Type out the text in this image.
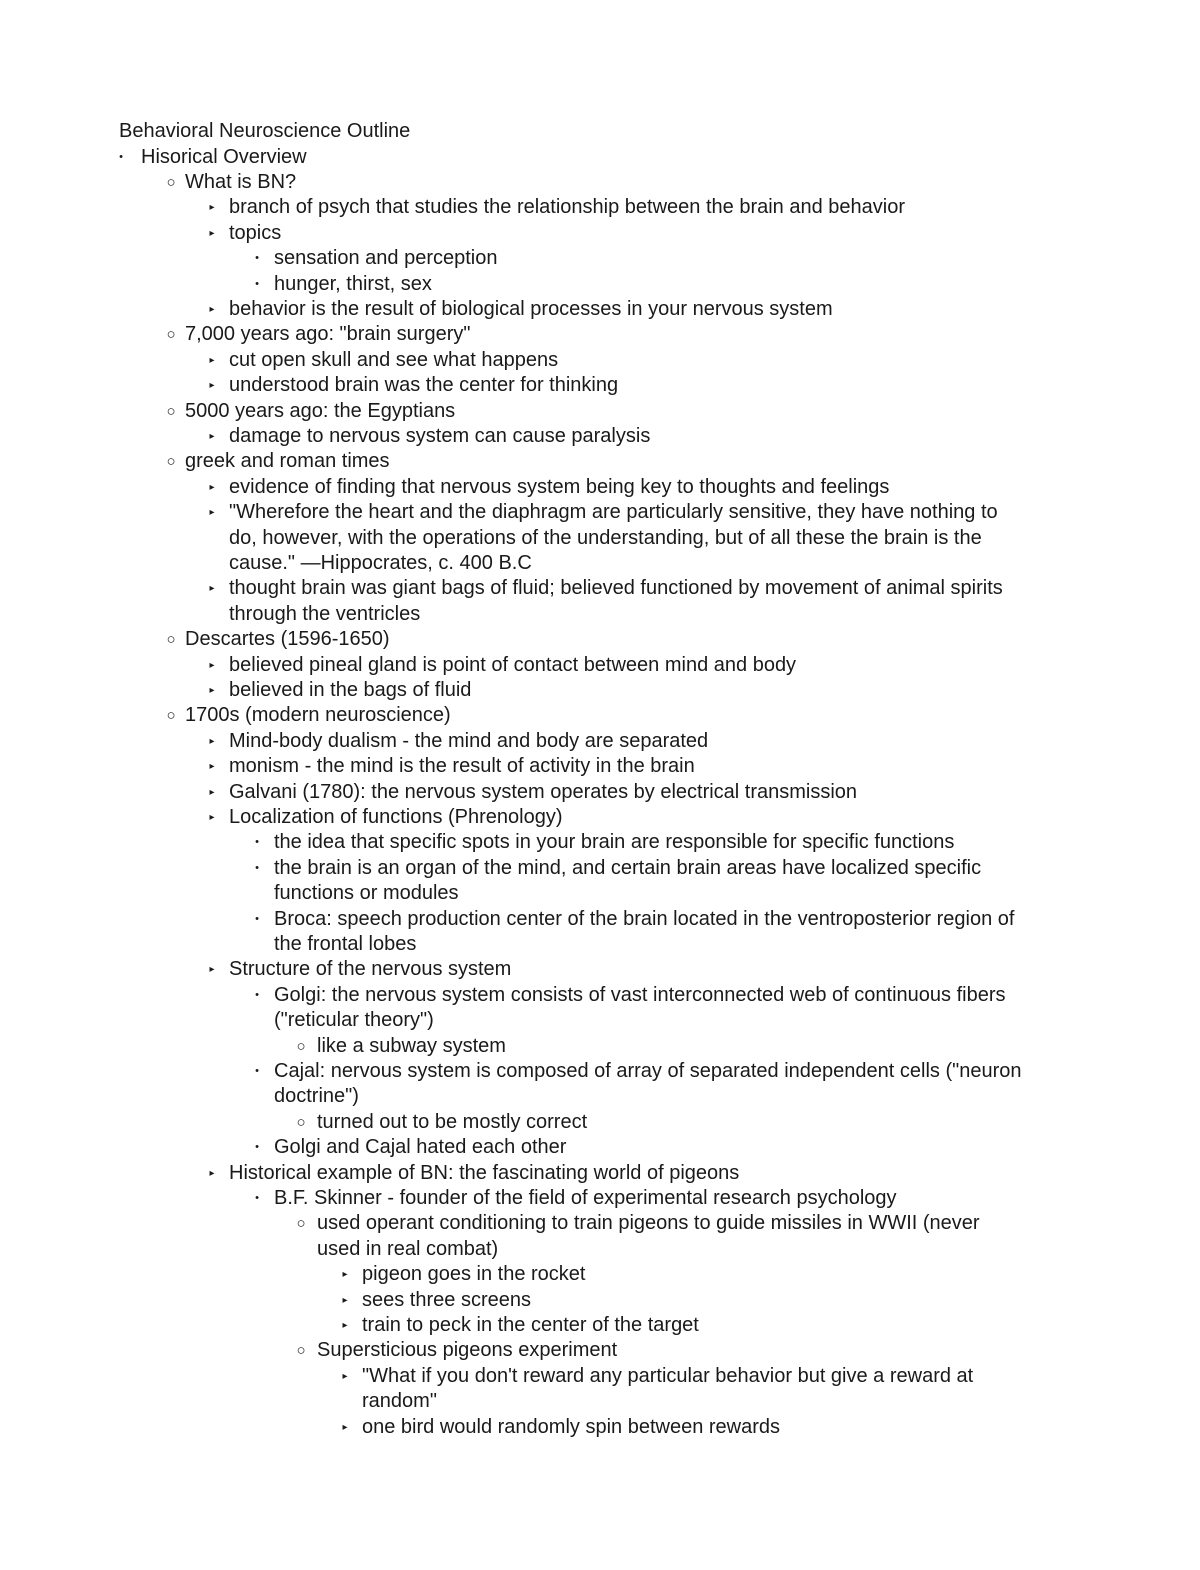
Behavioral Neuroscience Outline
• Hisorical Overview
○ What is BN?
▸ branch of psych that studies the relationship between the brain and behavior
▸ topics
• sensation and perception
• hunger, thirst, sex
▸ behavior is the result of biological processes in your nervous system
○ 7,000 years ago: "brain surgery"
▸ cut open skull and see what happens
▸ understood brain was the center for thinking
○ 5000 years ago: the Egyptians
▸ damage to nervous system can cause paralysis
○ greek and roman times
▸ evidence of finding that nervous system being key to thoughts and feelings
▸ "Wherefore the heart and the diaphragm are particularly sensitive, they have nothing to
do, however, with the operations of the understanding, but of all these the brain is the
cause." —Hippocrates, c. 400 B.C
▸ thought brain was giant bags of fluid; believed functioned by movement of animal spirits
through the ventricles
○ Descartes (1596-1650)
▸ believed pineal gland is point of contact between mind and body
▸ believed in the bags of fluid
○ 1700s (modern neuroscience)
▸ Mind-body dualism - the mind and body are separated
▸ monism - the mind is the result of activity in the brain
▸ Galvani (1780): the nervous system operates by electrical transmission
▸ Localization of functions (Phrenology)
• the idea that specific spots in your brain are responsible for specific functions
• the brain is an organ of the mind, and certain brain areas have localized specific
functions or modules
• Broca: speech production center of the brain located in the ventroposterior region of
the frontal lobes
▸ Structure of the nervous system
• Golgi: the nervous system consists of vast interconnected web of continuous fibers
("reticular theory")
○ like a subway system
• Cajal: nervous system is composed of array of separated independent cells ("neuron
doctrine")
○ turned out to be mostly correct
• Golgi and Cajal hated each other
▸ Historical example of BN: the fascinating world of pigeons
• B.F. Skinner - founder of the field of experimental research psychology
○ used operant conditioning to train pigeons to guide missiles in WWII (never
used in real combat)
▸ pigeon goes in the rocket
▸ sees three screens
▸ train to peck in the center of the target
○ Supersticious pigeons experiment
▸ "What if you don't reward any particular behavior but give a reward at
random"
▸ one bird would randomly spin between rewards
